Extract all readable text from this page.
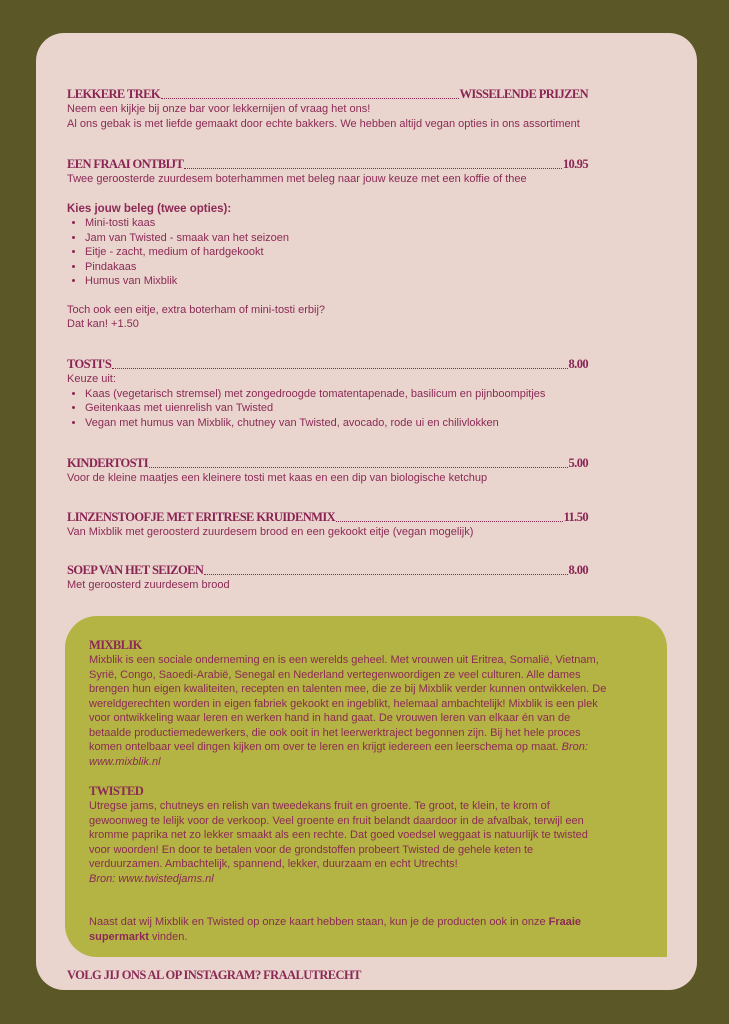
LEKKERE TREK	WISSELENDE PRIJZEN

Neem een kijkje bij onze bar voor lekkernijen of vraag het ons!

Al ons gebak is met liefde gemaakt door echte bakkers. We hebben altijd vegan opties in ons assortiment

EEN FRAAI ONTBIJT	10.95

Twee geroosterde zuurdesem boterhammen met beleg naar jouw keuze met een koffie of thee

Kies jouw beleg (twee opties):

• Mini-tosti kaas
• Jam van Twisted - smaak van het seizoen
• Eitje - zacht, medium of hardgekookt
• Pindakaas
• Humus van Mixblik

Toch ook een eitje, extra boterham of mini-tosti erbij?

Dat kan! +1.50

TOSTI'S	8.00

Keuze uit:

• Kaas (vegetarisch stremsel) met zongedroogde tomatentapenade, basilicum en pijnboompitjes
• Geitenkaas met uienrelish van Twisted
• Vegan met humus van Mixblik, chutney van Twisted, avocado, rode ui en chilivlokken
KINDERTOSTI	5.00

Voor de kleine maatjes een kleinere tosti met kaas en een dip van biologische ketchup

LINZENSTOOFJE MET ERITRESE KRUIDENMIX	11.50

Van Mixblik met geroosterd zuurdesem brood en een gekookt eitje (vegan mogelijk)

SOEP VAN HET SEIZOEN	8.00

Met geroosterd zuurdesem brood

MIXBLIK

Mixblik is een sociale onderneming en is een werelds geheel. Met vrouwen uit Eritrea, Somalië, Vietnam, Syrië, Congo, Saoedi-Arabië, Senegal en Nederland vertegenwoordigen ze veel culturen. Alle dames brengen hun eigen kwaliteiten, recepten en talenten mee, die ze bij Mixblik verder kunnen ontwikkelen. De wereldgerechten worden in eigen fabriek gekookt en ingeblikt, helemaal ambachtelijk! Mixblik is een plek voor ontwikkeling waar leren en werken hand in hand gaat. De vrouwen leren van elkaar én van de betaalde productiemedewerkers, die ook ooit in het leerwerktraject begonnen zijn. Bij het hele proces komen ontelbaar veel dingen kijken om over te leren en krijgt iedereen een leerschema op maat. Bron: www.mixblik.nl

TWISTED

Utregse jams, chutneys en relish van tweedekans fruit en groente. Te groot, te klein, te krom of gewoonweg te lelijk voor de verkoop. Veel groente en fruit belandt daardoor in de afvalbak, terwijl een kromme paprika net zo lekker smaakt als een rechte. Dat goed voedsel weggaat is natuurlijk te twisted voor woorden! En door te betalen voor de grondstoffen probeert Twisted de gehele keten te verduurzamen. Ambachtelijk, spannend, lekker, duurzaam en echt Utrechts!

Bron: www.twistedjams.nl

Naast dat wij Mixblik en Twisted op onze kaart hebben staan, kun je de producten ook in onze Fraaie supermarkt vinden.

VOLG JIJ ONS AL OP INSTAGRAM? FRAALUTRECHT
